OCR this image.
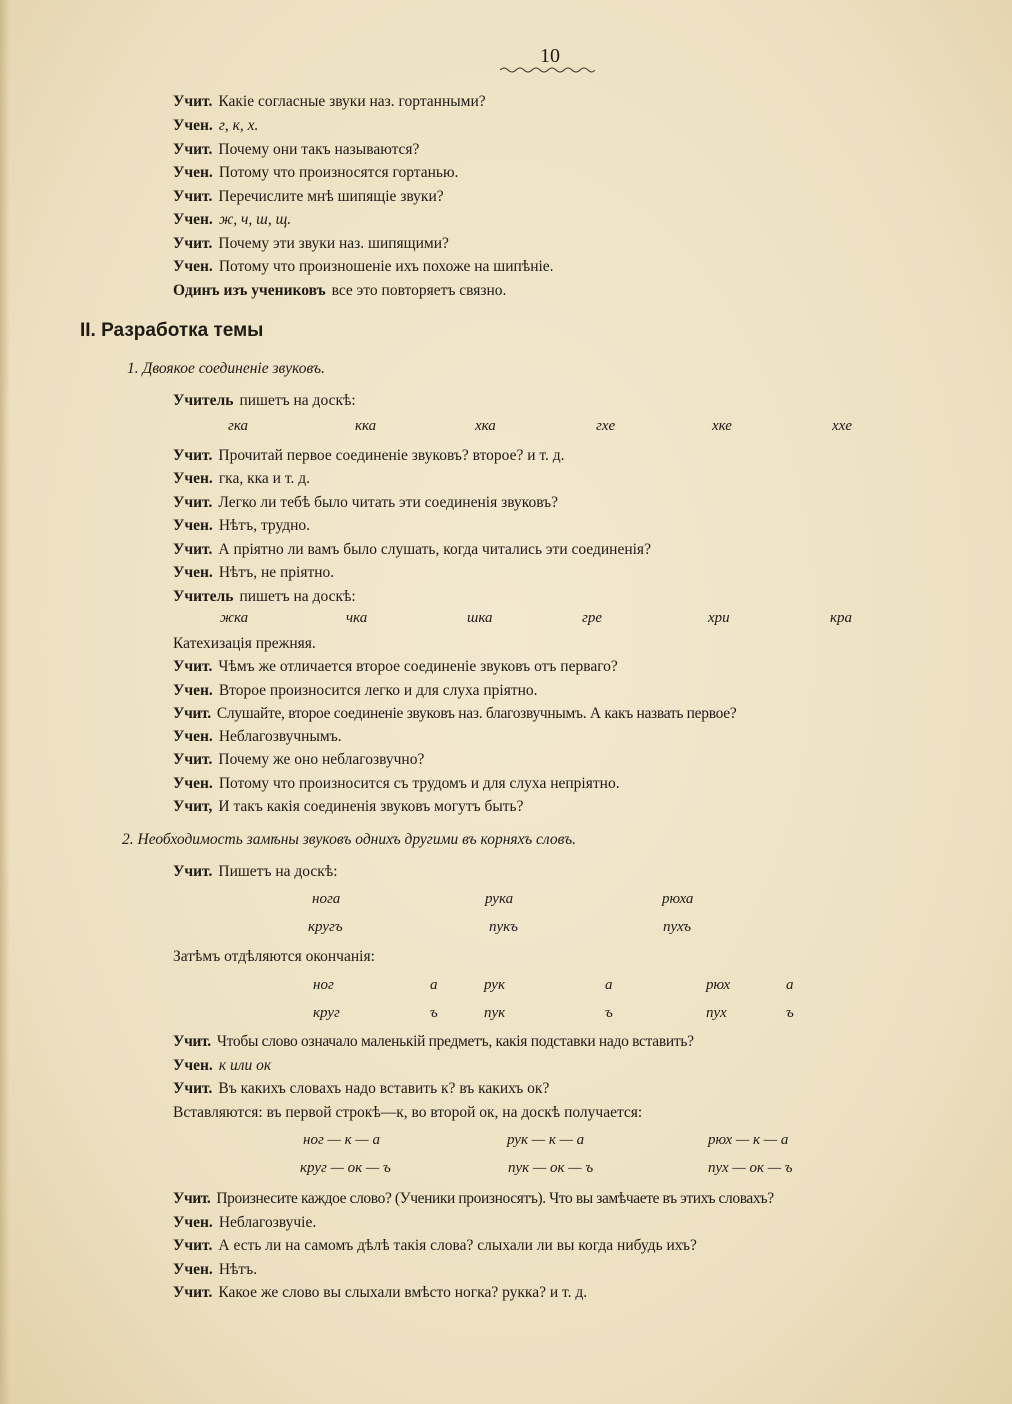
10
Учит. Какіе согласные звуки наз. гортанными?
Учен. г, к, х.
Учит. Почему они такъ называются?
Учен. Потому что произносятся гортанью.
Учит. Перечислите мнѣ шипящіе звуки?
Учен. ж, ч, ш, щ.
Учит. Почему эти звуки наз. шипящими?
Учен. Потому что произношеніе ихъ похоже на шипѣніе.
Одинъ изъ учениковъ все это повторяетъ связно.
II. Разработка темы
1. Двоякое соединеніе звуковъ.
Учитель пишетъ на доскѣ:
гка	кка	хка	гхе	хке	хxe
Учит. Прочитай первое соединеніе звуковъ? второе? и т. д.
Учен. гка, кка и т. д.
Учит. Легко ли тебѣ было читать эти соединенія звуковъ?
Учен. Нѣтъ, трудно.
Учит. А пріятно ли вамъ было слушать, когда читались эти соединенія?
Учен. Нѣтъ, не пріятно.
Учитель пишетъ на доскѣ:
жка	чка	шка	гре	хри	кра
Катехизація прежняя.
Учит. Чѣмъ же отличается второе соединеніе звуковъ отъ перваго?
Учен. Второе произносится легко и для слуха пріятно.
Учит. Слушайте, второе соединеніе звуковъ наз. благозвучнымъ. А какъ назвать первое?
Учен. Неблагозвучнымъ.
Учит. Почему же оно неблагозвучно?
Учен. Потому что произносится съ трудомъ и для слуха непріятно.
Учит, И такъ какія соединенія звуковъ могутъ быть?
2. Необходимость замѣны звуковъ однихъ другими въ корняхъ словъ.
Учит. Пишетъ на доскѣ:
нога	рука	рюха
кругъ	пукъ	пухъ
Затѣмъ отдѣляются окончанія:
ног	а	рук	а	рюх	а
круг	ъ	пук	ъ	пух	ъ
Учит. Чтобы слово означало маленькій предметъ, какія подставки надо вставить?
Учен. к или ок
Учит. Въ какихъ словахъ надо вставить к? въ какихъ ок?
Вставляются: въ первой строкѣ—к, во второй ок, на доскѣ получается:
ног — к — а	рук — к — а	рюх — к — а
круг — ок — ъ	пук — ок — ъ	пух — ок — ъ
Учит. Произнесите каждое слово? (Ученики произносятъ). Что вы замѣчаете въ этихъ словахъ?
Учен. Неблагозвучіе.
Учит. А есть ли на самомъ дѣлѣ такія слова? слыхали ли вы когда нибудь ихъ?
Учен. Нѣтъ.
Учит. Какое же слово вы слыхали вмѣсто ногка? рукка? и т. д.
